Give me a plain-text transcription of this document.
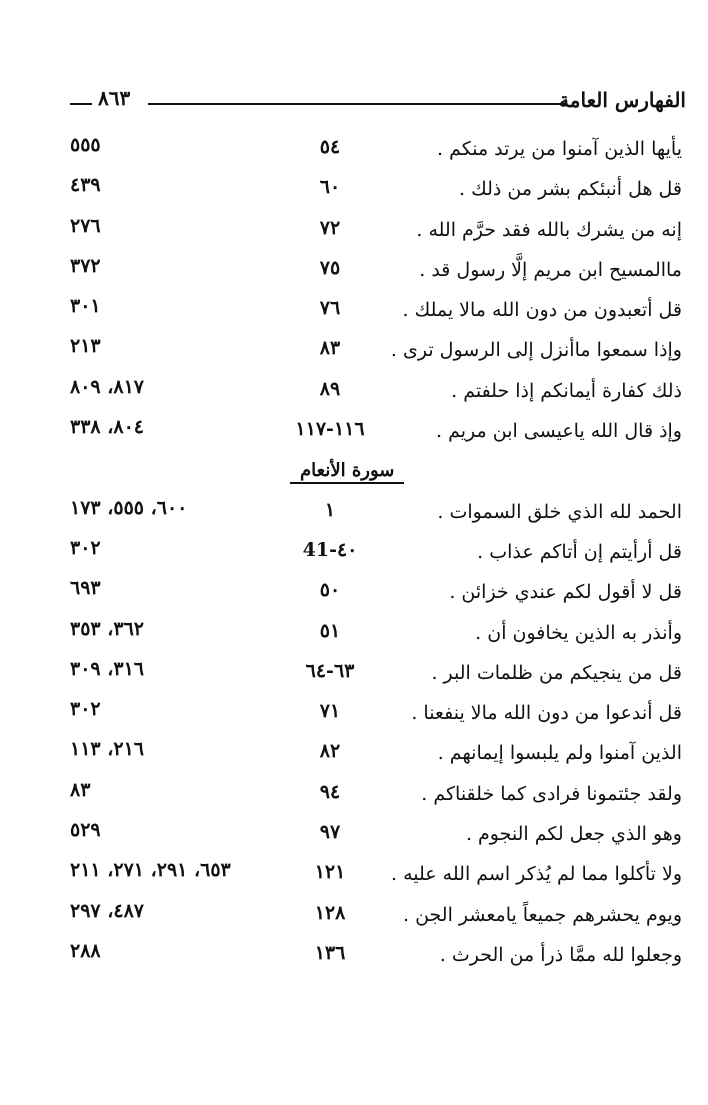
الفهارس العامة
٨٦٣
يأيها الذين آمنوا من يرتد منكم .
٥٤
٥٥٥
قل هل أنبئكم بشر من ذلك .
٦٠
٤٣٩
إنه من يشرك بالله فقد حرَّم الله .
٧٢
٢٧٦
ماالمسيح ابن مريم إلَّا رسول قد .
٧٥
٣٧٢
قل أتعبدون من دون الله مالا يملك .
٧٦
٣٠١
وإذا سمعوا ماأنزل إلى الرسول ترى .
٨٣
٢١٣
ذلك كفارة أيمانكم إذا حلفتم .
٨٩
٨١٧، ٨٠٩
وإذ قال الله ياعيسى ابن مريم .
١١٦-١١٧
٨٠٤، ٣٣٨
سورة الأنعام
الحمد لله الذي خلق السموات .
١
٦٠٠، ٥٥٥، ١٧٣
قل أرأيتم إن أتاكم عذاب .
٤٠-41
٣٠٢
قل لا أقول لكم عندي خزائن .
٥٠
٦٩٣
وأنذر به الذين يخافون أن .
٥١
٣٦٢، ٣٥٣
قل من ينجيكم من ظلمات البر .
٦٣-٦٤
٣١٦، ٣٠٩
قل أندعوا من دون الله مالا ينفعنا .
٧١
٣٠٢
الذين آمنوا ولم يلبسوا إيمانهم .
٨٢
٢١٦، ١١٣
ولقد جئتمونا فرادى كما خلقناكم .
٩٤
٨٣
وهو الذي جعل لكم النجوم .
٩٧
٥٢٩
ولا تأكلوا مما لم يُذكر اسم الله عليه .
١٢١
٦٥٣، ٢٩١، ٢٧١، ٢١١
ويوم يحشرهم جميعاً يامعشر الجن .
١٢٨
٤٨٧، ٢٩٧
وجعلوا لله ممَّا ذرأ من الحرث .
١٣٦
٢٨٨
